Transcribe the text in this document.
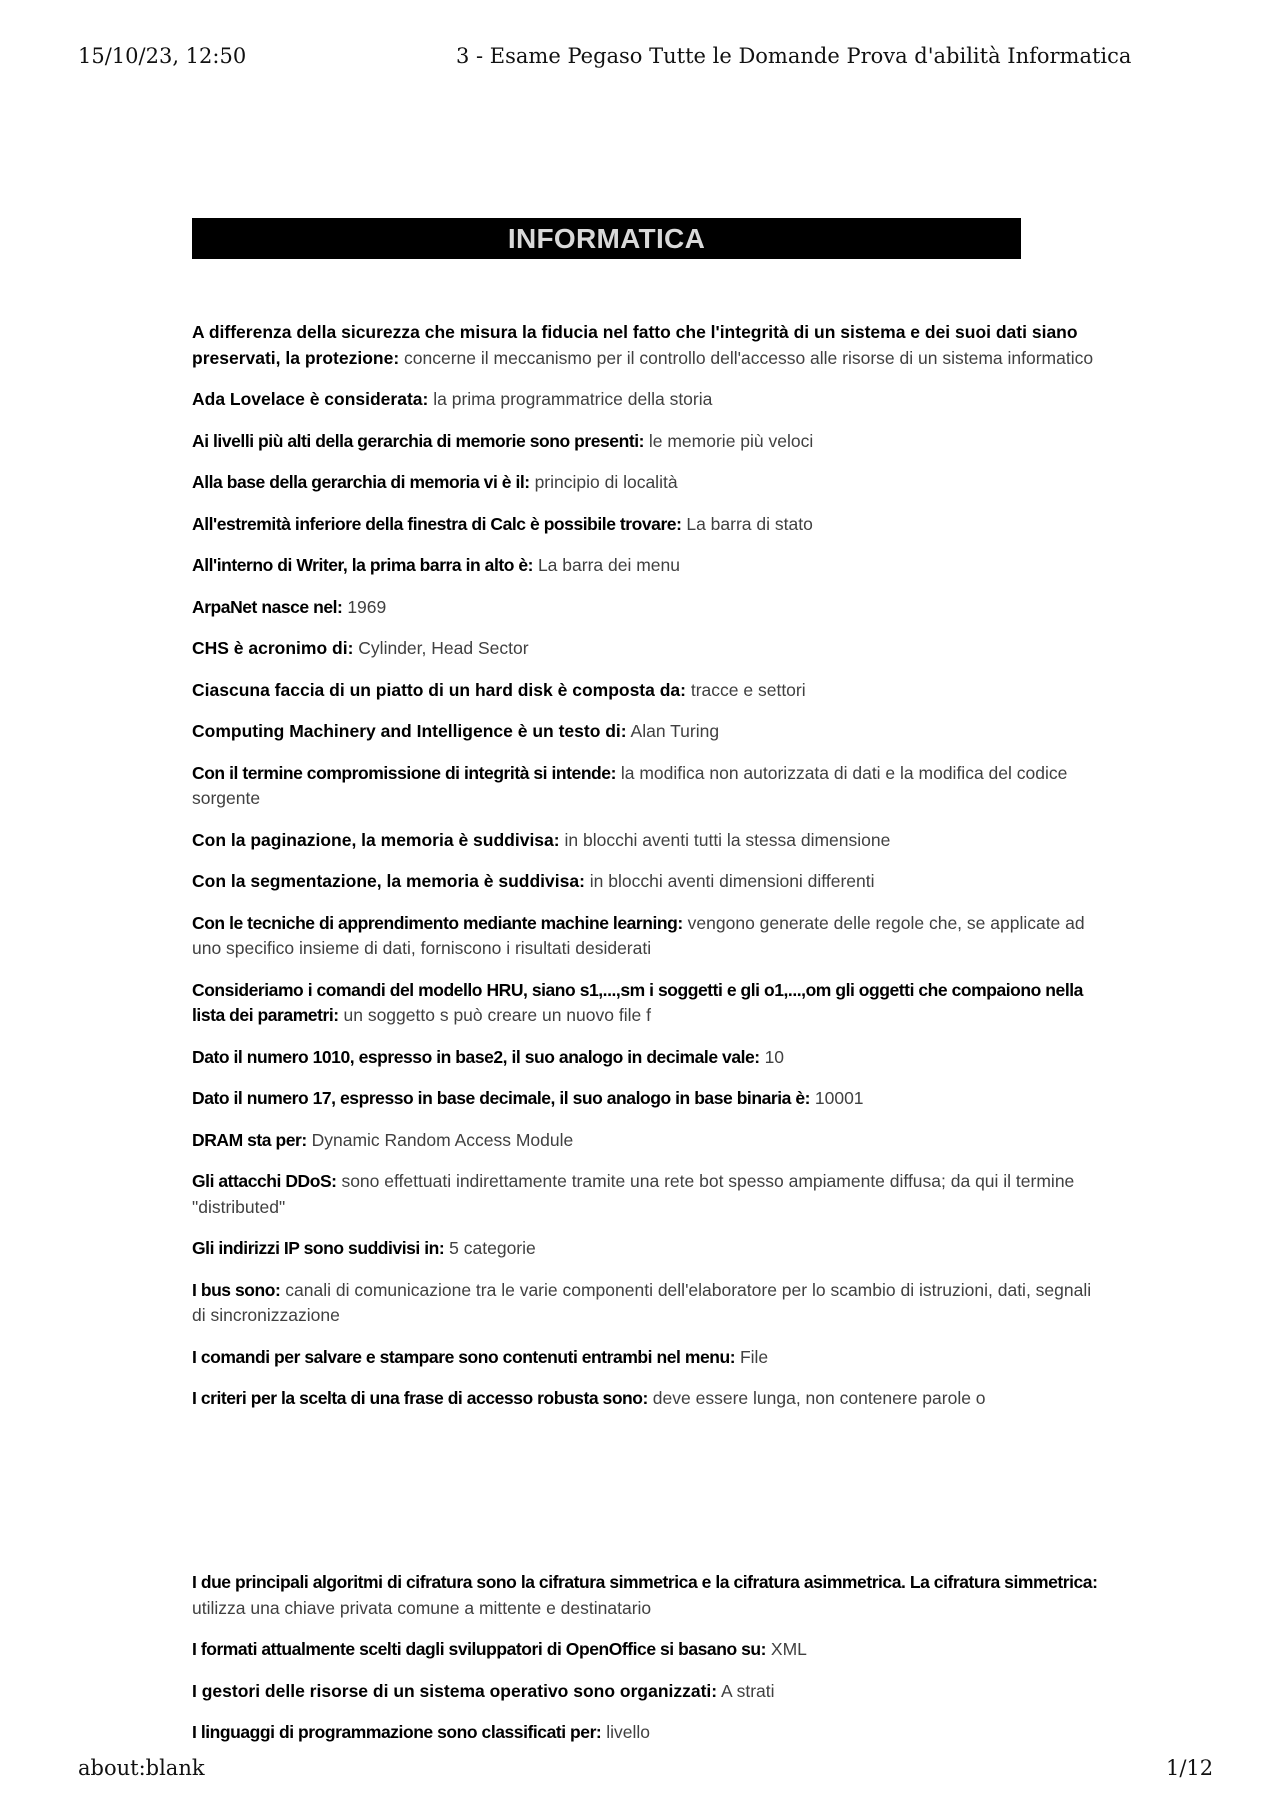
15/10/23, 12:50	3 - Esame Pegaso Tutte le Domande Prova d'abilità Informatica
INFORMATICA
A differenza della sicurezza che misura la fiducia nel fatto che l'integrità di un sistema e dei suoi dati siano preservati, la protezione: concerne il meccanismo per il controllo dell'accesso alle risorse di un sistema informatico
Ada Lovelace è considerata: la prima programmatrice della storia
Ai livelli più alti della gerarchia di memorie sono presenti: le memorie più veloci
Alla base della gerarchia di memoria vi è il: principio di località
All'estremità inferiore della finestra di Calc è possibile trovare: La barra di stato
All'interno di Writer, la prima barra in alto è: La barra dei menu
ArpaNet nasce nel: 1969
CHS è acronimo di: Cylinder, Head Sector
Ciascuna faccia di un piatto di un hard disk è composta da: tracce e settori
Computing Machinery and Intelligence è un testo di: Alan Turing
Con il termine compromissione di integrità si intende: la modifica non autorizzata di dati e la modifica del codice sorgente
Con la paginazione, la memoria è suddivisa: in blocchi aventi tutti la stessa dimensione
Con la segmentazione, la memoria è suddivisa: in blocchi aventi dimensioni differenti
Con le tecniche di apprendimento mediante machine learning: vengono generate delle regole che, se applicate ad uno specifico insieme di dati, forniscono i risultati desiderati
Consideriamo i comandi del modello HRU, siano s1,...,sm i soggetti e gli o1,...,om gli oggetti che compaiono nella lista dei parametri: un soggetto s può creare un nuovo file f
Dato il numero 1010, espresso in base2, il suo analogo in decimale vale: 10
Dato il numero 17, espresso in base decimale, il suo analogo in base binaria è: 10001
DRAM sta per: Dynamic Random Access Module
Gli attacchi DDoS: sono effettuati indirettamente tramite una rete bot spesso ampiamente diffusa; da qui il termine "distributed"
Gli indirizzi IP sono suddivisi in: 5 categorie
I bus sono: canali di comunicazione tra le varie componenti dell'elaboratore per lo scambio di istruzioni, dati, segnali di sincronizzazione
I comandi per salvare e stampare sono contenuti entrambi nel menu: File
I criteri per la scelta di una frase di accesso robusta sono: deve essere lunga, non contenere parole o
I due principali algoritmi di cifratura sono la cifratura simmetrica e la cifratura asimmetrica. La cifratura simmetrica: utilizza una chiave privata comune a mittente e destinatario
I formati attualmente scelti dagli sviluppatori di OpenOffice si basano su: XML
I gestori delle risorse di un sistema operativo sono organizzati: A strati
I linguaggi di programmazione sono classificati per: livello
about:blank	1/12
